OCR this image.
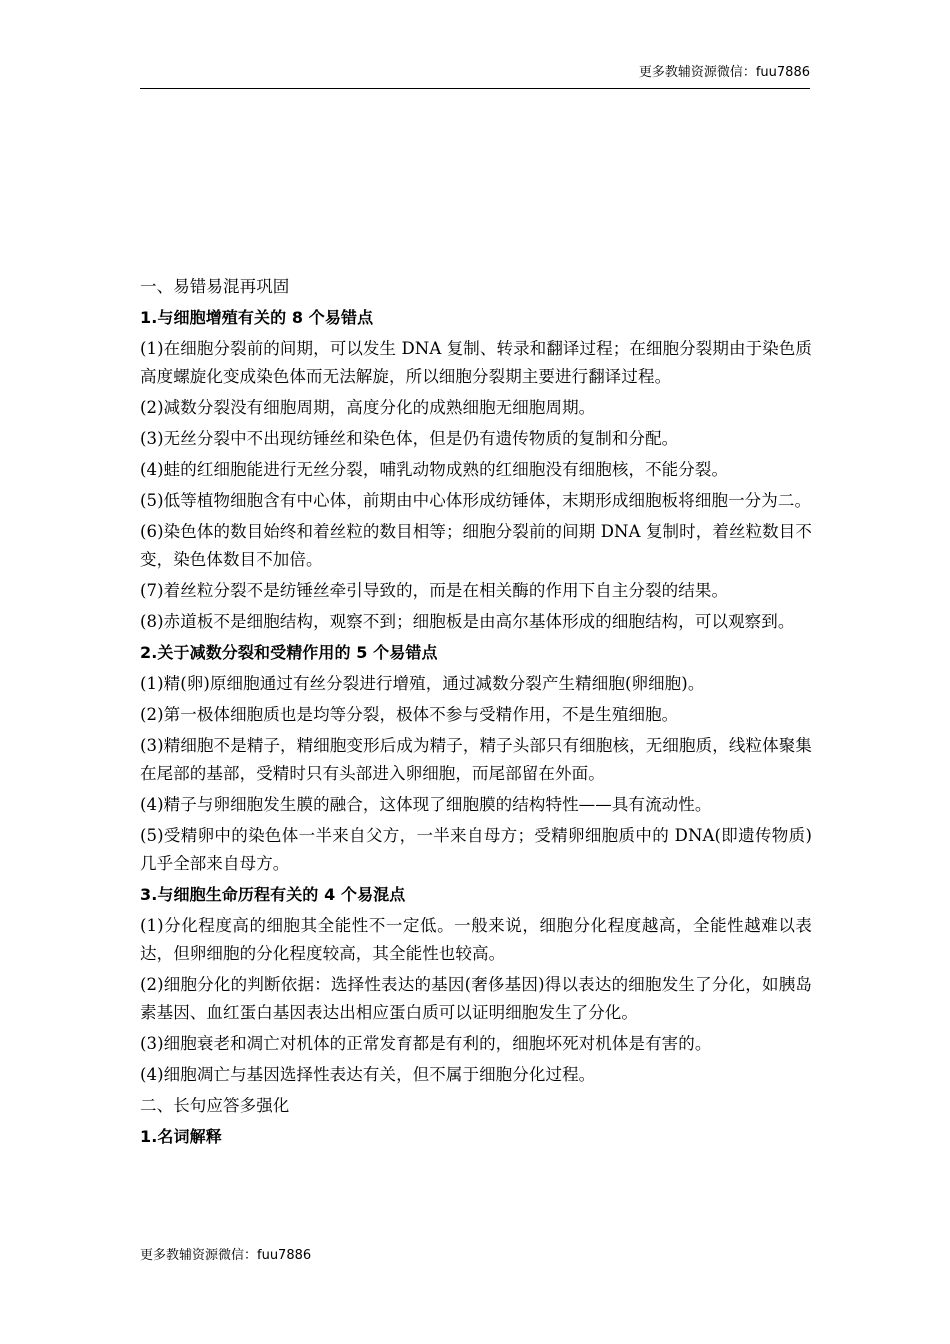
更多教辅资源微信：fuu7886

一、易错易混再巩固

1.与细胞增殖有关的 8 个易错点

(1)在细胞分裂前的间期，可以发生 DNA 复制、转录和翻译过程；在细胞分裂期由于染色质高度螺旋化变成染色体而无法解旋，所以细胞分裂期主要进行翻译过程。

(2)减数分裂没有细胞周期，高度分化的成熟细胞无细胞周期。

(3)无丝分裂中不出现纺锤丝和染色体，但是仍有遗传物质的复制和分配。

(4)蛙的红细胞能进行无丝分裂，哺乳动物成熟的红细胞没有细胞核，不能分裂。

(5)低等植物细胞含有中心体，前期由中心体形成纺锤体，末期形成细胞板将细胞一分为二。

(6)染色体的数目始终和着丝粒的数目相等；细胞分裂前的间期 DNA 复制时，着丝粒数目不变，染色体数目不加倍。

(7)着丝粒分裂不是纺锤丝牵引导致的，而是在相关酶的作用下自主分裂的结果。

(8)赤道板不是细胞结构，观察不到；细胞板是由高尔基体形成的细胞结构，可以观察到。

2.关于减数分裂和受精作用的 5 个易错点

(1)精(卵)原细胞通过有丝分裂进行增殖，通过减数分裂产生精细胞(卵细胞)。

(2)第一极体细胞质也是均等分裂，极体不参与受精作用，不是生殖细胞。

(3)精细胞不是精子，精细胞变形后成为精子，精子头部只有细胞核，无细胞质，线粒体聚集在尾部的基部，受精时只有头部进入卵细胞，而尾部留在外面。

(4)精子与卵细胞发生膜的融合，这体现了细胞膜的结构特性——具有流动性。

(5)受精卵中的染色体一半来自父方，一半来自母方；受精卵细胞质中的 DNA(即遗传物质)几乎全部来自母方。

3.与细胞生命历程有关的 4 个易混点

(1)分化程度高的细胞其全能性不一定低。一般来说，细胞分化程度越高，全能性越难以表达，但卵细胞的分化程度较高，其全能性也较高。

(2)细胞分化的判断依据：选择性表达的基因(奢侈基因)得以表达的细胞发生了分化，如胰岛素基因、血红蛋白基因表达出相应蛋白质可以证明细胞发生了分化。

(3)细胞衰老和凋亡对机体的正常发育都是有利的，细胞坏死对机体是有害的。

(4)细胞凋亡与基因选择性表达有关，但不属于细胞分化过程。

二、长句应答多强化

1.名词解释

更多教辅资源微信：fuu7886
